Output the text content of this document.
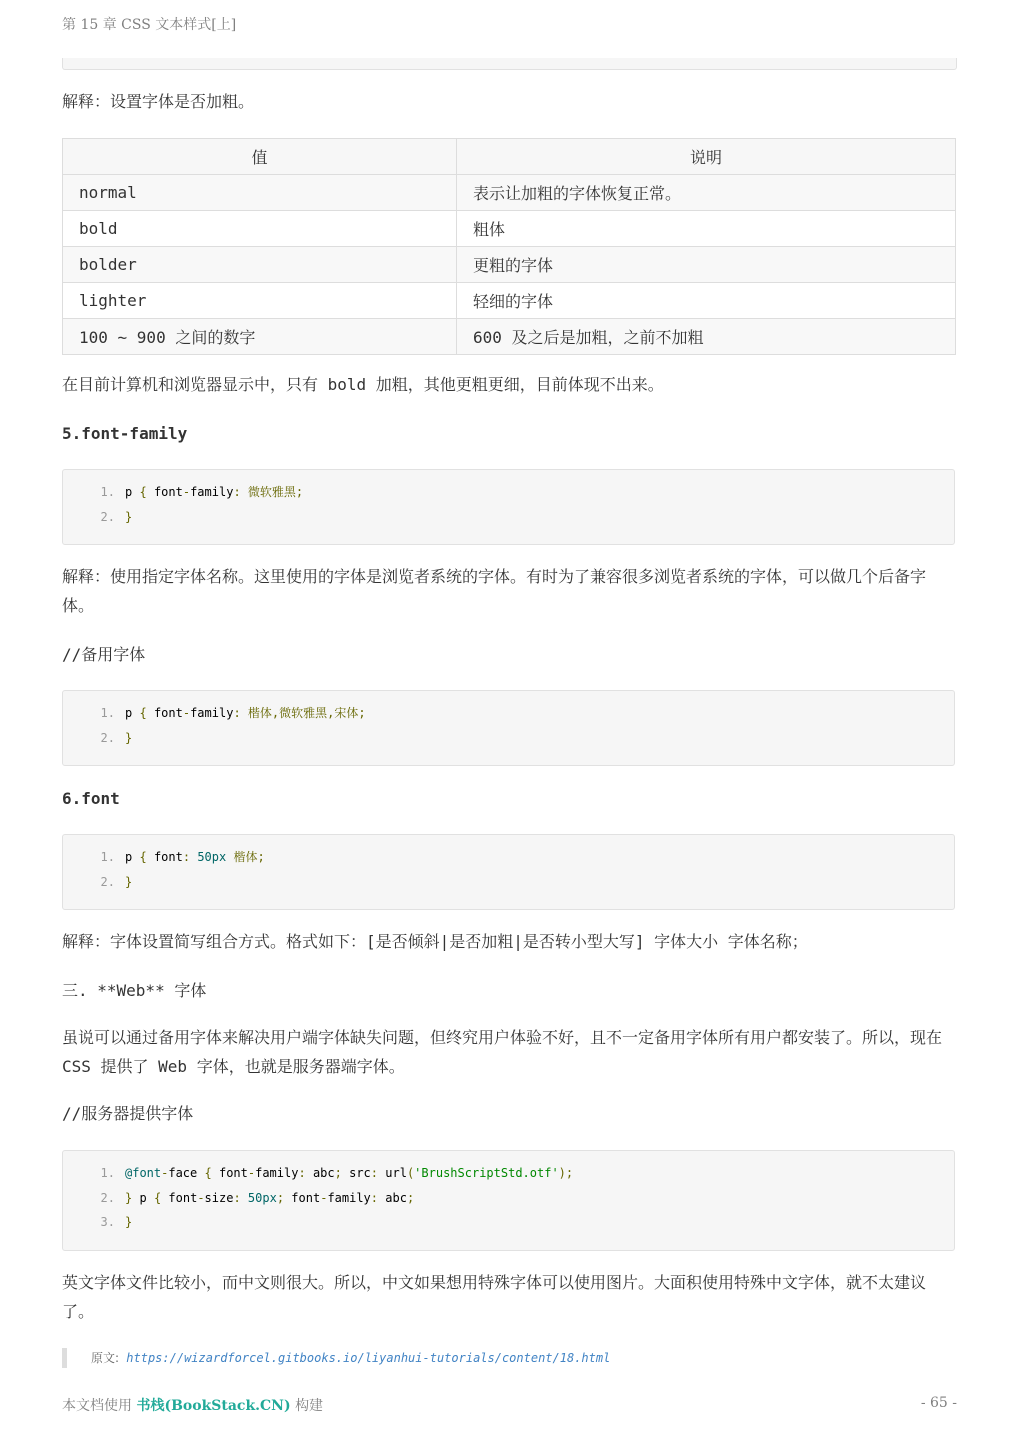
第 15 章 CSS 文本样式[上]
解释：设置字体是否加粗。
值	说明
normal	表示让加粗的字体恢复正常。
bold	粗体
bolder	更粗的字体
lighter	轻细的字体
100 ~ 900 之间的数字	600 及之后是加粗，之前不加粗
在目前计算机和浏览器显示中，只有 bold 加粗，其他更粗更细，目前体现不出来。
5.font-family
1. p { font-family: 微软雅黑;
2. }
解释：使用指定字体名称。这里使用的字体是浏览者系统的字体。有时为了兼容很多浏览者系统的字体，可以做几个后备字体。
//备用字体
1. p { font-family: 楷体,微软雅黑,宋体;
2. }
6.font
1. p { font: 50px 楷体;
2. }
解释：字体设置简写组合方式。格式如下：[是否倾斜|是否加粗|是否转小型大写] 字体大小 字体名称；
三. **Web** 字体
虽说可以通过备用字体来解决用户端字体缺失问题，但终究用户体验不好，且不一定备用字体所有用户都安装了。所以，现在 CSS 提供了 Web 字体，也就是服务器端字体。
//服务器提供字体
1. @font-face { font-family: abc; src: url('BrushScriptStd.otf');
2. } p { font-size: 50px; font-family: abc;
3. }
英文字体文件比较小，而中文则很大。所以，中文如果想用特殊字体可以使用图片。大面积使用特殊中文字体，就不太建议了。
原文: https://wizardforcel.gitbooks.io/liyanhui-tutorials/content/18.html
本文档使用 书栈(BookStack.CN) 构建	- 65 -
